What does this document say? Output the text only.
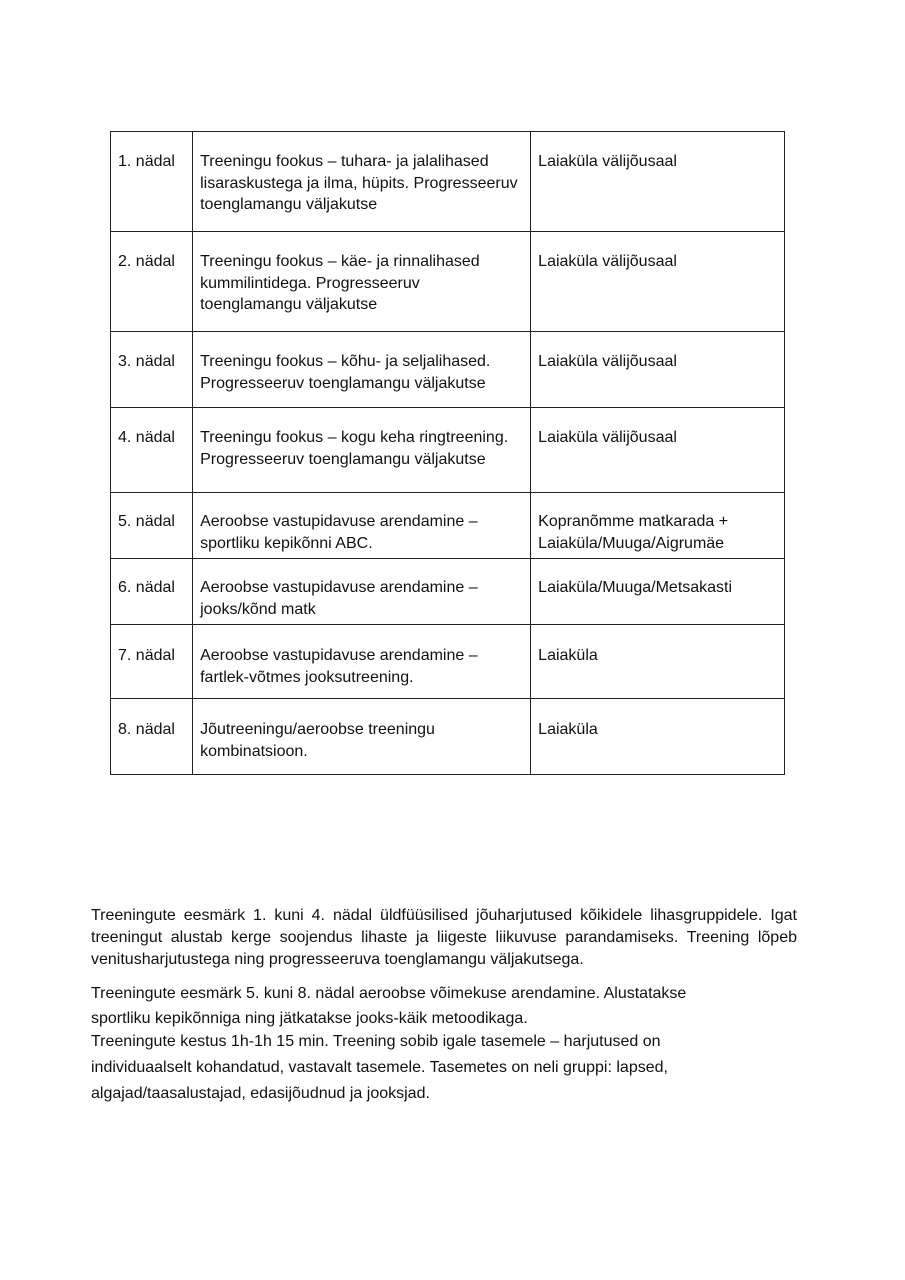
1. nädal	Treeningu fookus – tuhara- ja jalalihased lisaraskustega ja ilma, hüpits. Progresseeruv toenglamangu väljakutse	Laiaküla välijõusaal
2. nädal	Treeningu fookus – käe- ja rinnalihased kummilintidega. Progresseeruv toenglamangu väljakutse	Laiaküla välijõusaal
3. nädal	Treeningu fookus – kõhu- ja seljalihased. Progresseeruv toenglamangu väljakutse	Laiaküla välijõusaal
4. nädal	Treeningu fookus – kogu keha ringtreening. Progresseeruv toenglamangu väljakutse	Laiaküla välijõusaal
5. nädal	Aeroobse vastupidavuse arendamine – sportliku kepikõnni ABC.	Kopranõmme matkarada + Laiaküla/Muuga/Aigrumäe
6. nädal	Aeroobse vastupidavuse arendamine – jooks/kõnd matk	Laiaküla/Muuga/Metsakasti
7. nädal	Aeroobse vastupidavuse arendamine – fartlek-võtmes jooksutreening.	Laiaküla
8. nädal	Jõutreeningu/aeroobse treeningu kombinatsioon.	Laiaküla

Treeningute eesmärk 1. kuni 4. nädal üldfüüsilised jõuharjutused kõikidele lihasgruppidele. Igat treeningut alustab kerge soojendus lihaste ja liigeste liikuvuse parandamiseks. Treening lõpeb venitusharjutustega ning progresseeruva toenglamangu väljakutsega.

Treeningute eesmärk 5. kuni 8. nädal aeroobse võimekuse arendamine. Alustatakse sportliku kepikõnniga ning jätkatakse jooks-käik metoodikaga.

Treeningute kestus 1h-1h 15 min. Treening sobib igale tasemele – harjutused on individuaalselt kohandatud, vastavalt tasemele. Tasemetes on neli gruppi: lapsed, algajad/taasalustajad, edasijõudnud ja jooksjad.
